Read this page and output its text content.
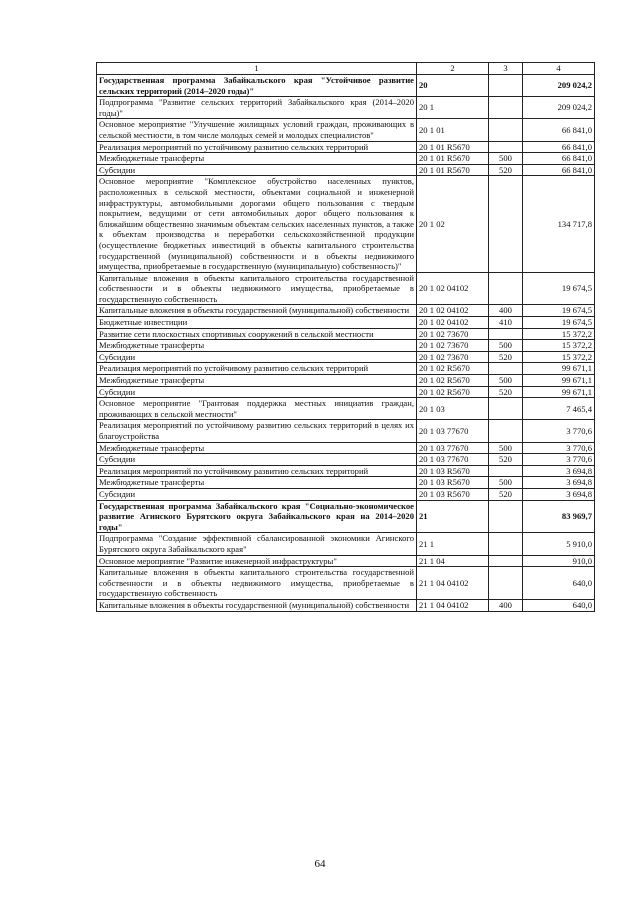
1	2	3	4
Государственная программа Забайкальского края "Устойчивое развитие сельских территорий (2014–2020 годы)"	20		209 024,2
Подпрограмма "Развитие сельских территорий Забайкальского края (2014–2020 годы)"	20 1		209 024,2
Основное мероприятие "Улучшение жилищных условий граждан, проживающих в сельской местности, в том числе молодых семей и молодых специалистов"	20 1 01		66 841,0
Реализация мероприятий по устойчивому развитию сельских территорий	20 1 01 R5670		66 841,0
Межбюджетные трансферты	20 1 01 R5670	500	66 841,0
Субсидии	20 1 01 R5670	520	66 841,0
Основное мероприятие "Комплексное обустройство населенных пунктов, расположенных в сельской местности, объектами социальной и инженерной инфраструктуры, автомобильными дорогами общего пользования с твердым покрытием, ведущими от сети автомобильных дорог общего пользования к ближайшим общественно значимым объектам сельских населенных пунктов, а также к объектам производства и переработки сельскохозяйственной продукции (осуществление бюджетных инвестиций в объекты капитального строительства государственной (муниципальной) собственности и в объекты недвижимого имущества, приобретаемые в государственную (муниципальную) собственность)"	20 1 02		134 717,8
Капитальные вложения в объекты капитального строительства государственной собственности и в объекты недвижимого имущества, приобретаемые в государственную собственность	20 1 02 04102		19 674,5
Капитальные вложения в объекты государственной (муниципальной) собственности	20 1 02 04102	400	19 674,5
Бюджетные инвестиции	20 1 02 04102	410	19 674,5
Развитие сети плоскостных спортивных сооружений в сельской местности	20 1 02 73670		15 372,2
Межбюджетные трансферты	20 1 02 73670	500	15 372,2
Субсидии	20 1 02 73670	520	15 372,2
Реализация мероприятий по устойчивому развитию сельских территорий	20 1 02 R5670		99 671,1
Межбюджетные трансферты	20 1 02 R5670	500	99 671,1
Субсидии	20 1 02 R5670	520	99 671,1
Основное мероприятие "Грантовая поддержка местных инициатив граждан, проживающих в сельской местности"	20 1 03		7 465,4
Реализация мероприятий по устойчивому развитию сельских территорий в целях их благоустройства	20 1 03 77670		3 770,6
Межбюджетные трансферты	20 1 03 77670	500	3 770,6
Субсидии	20 1 03 77670	520	3 770,6
Реализация мероприятий по устойчивому развитию сельских территорий	20 1 03 R5670		3 694,8
Межбюджетные трансферты	20 1 03 R5670	500	3 694,8
Субсидии	20 1 03 R5670	520	3 694,8
Государственная программа Забайкальского края "Социально-экономическое развитие Агинского Бурятского округа Забайкальского края на 2014–2020 годы"	21		83 969,7
Подпрограмма "Создание эффективной сбалансированной экономики Агинского Бурятского округа Забайкальского края"	21 1		5 910,0
Основное мероприятие "Развитие инженерной инфраструктуры"	21 1 04		910,0
Капитальные вложения в объекты капитального строительства государственной собственности и в объекты недвижимого имущества, приобретаемые в государственную собственность	21 1 04 04102		640,0
Капитальные вложения в объекты государственной (муниципальной) собственности	21 1 04 04102	400	640,0
64
